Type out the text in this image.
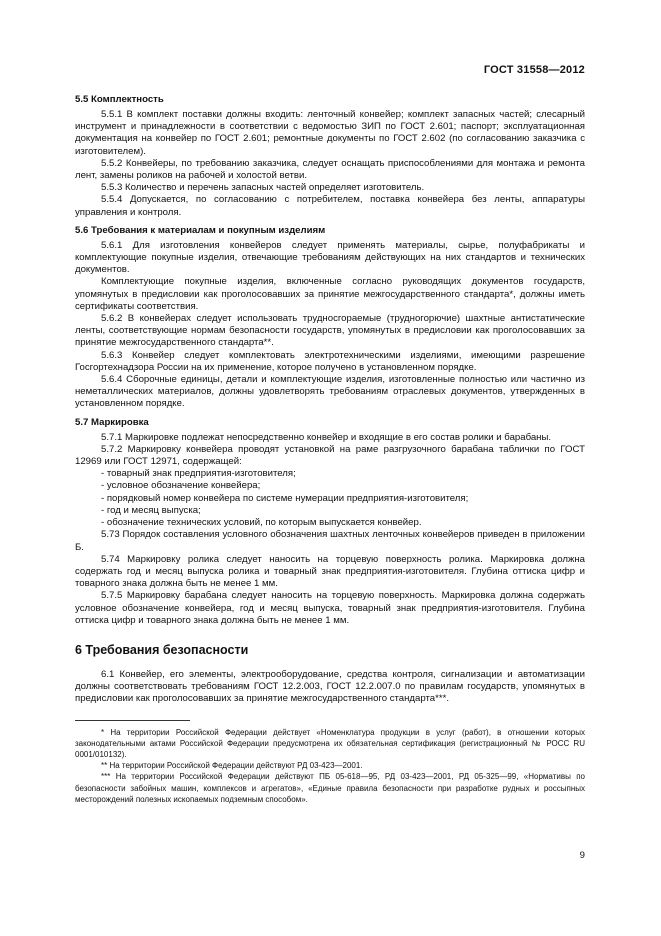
ГОСТ 31558—2012
5.5 Комплектность

5.5.1 В комплект поставки должны входить: ленточный конвейер; комплект запасных частей; слесарный инструмент и принадлежности в соответствии с ведомостью ЗИП по ГОСТ 2.601; паспорт; эксплуатационная документация на конвейер по ГОСТ 2.601; ремонтные документы по ГОСТ 2.602 (по согласованию заказчика с изготовителем).

5.5.2 Конвейеры, по требованию заказчика, следует оснащать приспособлениями для монтажа и ремонта лент, замены роликов на рабочей и холостой ветви.

5.5.3 Количество и перечень запасных частей определяет изготовитель.

5.5.4 Допускается, по согласованию с потребителем, поставка конвейера без ленты, аппаратуры управления и контроля.

5.6 Требования к материалам и покупным изделиям

5.6.1 Для изготовления конвейеров следует применять материалы, сырье, полуфабрикаты и комплектующие покупные изделия, отвечающие требованиям действующих на них стандартов и технических документов.

Комплектующие покупные изделия, включенные согласно руководящих документов государств, упомянутых в предисловии как проголосовавших за принятие межгосударственного стандарта*, должны иметь сертификаты соответствия.

5.6.2 В конвейерах следует использовать трудносгораемые (трудногорючие) шахтные антистатические ленты, соответствующие нормам безопасности государств, упомянутых в предисловии как проголосовавших за принятие межгосударственного стандарта**.

5.6.3 Конвейер следует комплектовать электротехническими изделиями, имеющими разрешение Госгортехнадзора России на их применение, которое получено в установленном порядке.

5.6.4 Сборочные единицы, детали и комплектующие изделия, изготовленные полностью или частично из неметаллических материалов, должны удовлетворять требованиям отраслевых документов, утвержденных в установленном порядке.

5.7 Маркировка

5.7.1 Маркировке подлежат непосредственно конвейер и входящие в его состав ролики и барабаны.

5.7.2 Маркировку конвейера проводят установкой на раме разгрузочного барабана таблички по ГОСТ 12969 или ГОСТ 12971, содержащей:

- товарный знак предприятия-изготовителя;

- условное обозначение конвейера;

- порядковый номер конвейера по системе нумерации предприятия-изготовителя;

- год и месяц выпуска;

- обозначение технических условий, по которым выпускается конвейер.

5.73 Порядок составления условного обозначения шахтных ленточных конвейеров приведен в приложении Б.

5.74 Маркировку ролика следует наносить на торцевую поверхность ролика. Маркировка должна содержать год и месяц выпуска ролика и товарный знак предприятия-изготовителя. Глубина оттиска цифр и товарного знака должна быть не менее 1 мм.

5.7.5 Маркировку барабана следует наносить на торцевую поверхность. Маркировка должна содержать условное обозначение конвейера, год и месяц выпуска, товарный знак предприятия-изготовителя. Глубина оттиска цифр и товарного знака должна быть не менее 1 мм.

6 Требования безопасности

6.1 Конвейер, его элементы, электрооборудование, средства контроля, сигнализации и автоматизации должны соответствовать требованиям ГОСТ 12.2.003, ГОСТ 12.2.007.0 по правилам государств, упомянутых в предисловии как проголосовавших за принятие межгосударственного стандарта***.

* На территории Российской Федерации действует «Номенклатура продукции в услуг (работ), в отношении которых законодательными актами Российской Федерации предусмотрена их обязательная сертификация (регистрационный № РОСС RU 0001/010132).

** На территории Российской Федерации действуют РД 03-423—2001.

*** На территории Российской Федерации действуют ПБ 05-618—95, РД 03-423—2001, РД 05-325—99, «Нормативы по безопасности забойных машин, комплексов и агрегатов», «Единые правила безопасности при разработке рудных и россыпных месторождений полезных ископаемых подземным способом».

9
